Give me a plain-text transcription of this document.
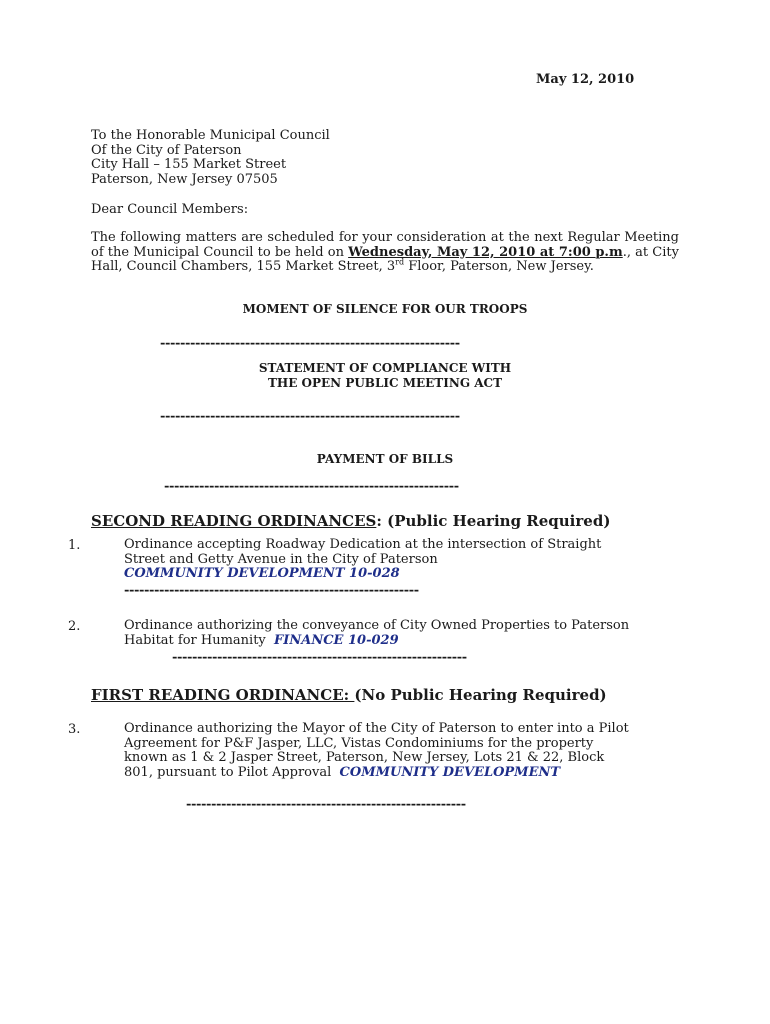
May 12, 2010
To the Honorable Municipal Council
Of the City of Paterson
City Hall – 155 Market Street
Paterson, New Jersey 07505
Dear Council Members:
The following matters are scheduled for your consideration at the next Regular Meeting of the Municipal Council to be held on Wednesday, May 12, 2010 at 7:00 p.m., at City Hall, Council Chambers, 155 Market Street, 3rd Floor, Paterson, New Jersey.
MOMENT OF SILENCE FOR OUR TROOPS
------------------------------------------------------------
STATEMENT OF COMPLIANCE WITH
THE OPEN PUBLIC MEETING ACT
------------------------------------------------------------
PAYMENT OF BILLS
-----------------------------------------------------------
SECOND READING ORDINANCES: (Public Hearing Required)
1.	Ordinance accepting Roadway Dedication at the intersection of Straight
Street and Getty Avenue in the City of Paterson
COMMUNITY DEVELOPMENT 10-028
-----------------------------------------------------------
2.	Ordinance authorizing the conveyance of City Owned Properties to Paterson
Habitat for Humanity  FINANCE 10-029
-----------------------------------------------------------
FIRST READING ORDINANCE: (No Public Hearing Required)
3.	Ordinance authorizing the Mayor of the City of Paterson to enter into a Pilot
Agreement for P&F Jasper, LLC, Vistas Condominiums for the property
known as 1 & 2 Jasper Street, Paterson, New Jersey, Lots 21 & 22, Block
801, pursuant to Pilot Approval  COMMUNITY DEVELOPMENT
--------------------------------------------------------
